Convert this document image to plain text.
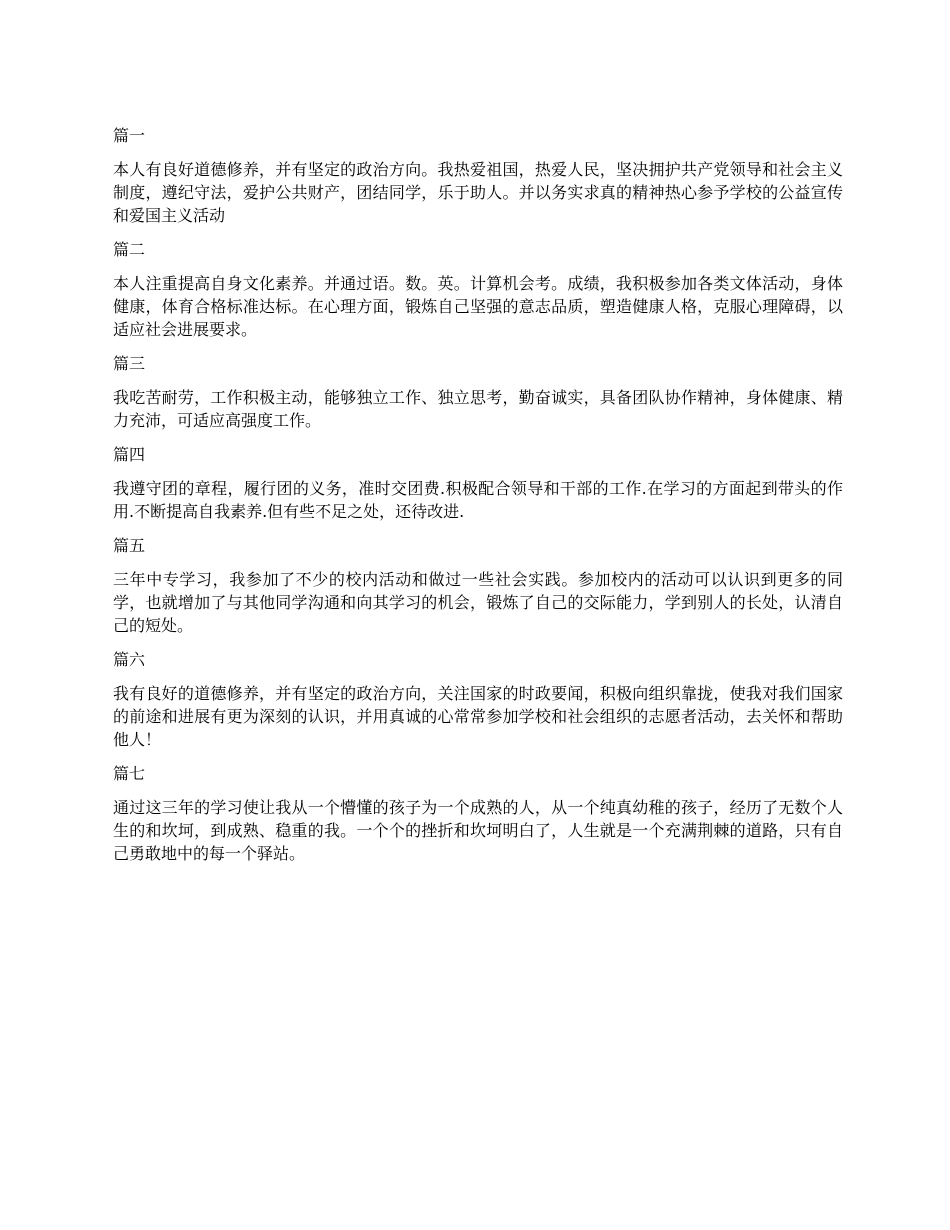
篇一

本人有良好道德修养，并有坚定的政治方向。我热爱祖国，热爱人民，坚决拥护共产党领导和社会主义制度，遵纪守法，爱护公共财产，团结同学，乐于助人。并以务实求真的精神热心参予学校的公益宣传和爱国主义活动

篇二

本人注重提高自身文化素养。并通过语。数。英。计算机会考。成绩，我积极参加各类文体活动，身体健康，体育合格标准达标。在心理方面，锻炼自己坚强的意志品质，塑造健康人格，克服心理障碍，以适应社会进展要求。

篇三

我吃苦耐劳，工作积极主动，能够独立工作、独立思考，勤奋诚实，具备团队协作精神，身体健康、精力充沛，可适应高强度工作。

篇四

我遵守团的章程，履行团的义务，准时交团费.积极配合领导和干部的工作.在学习的方面起到带头的作用.不断提高自我素养.但有些不足之处，还待改进.

篇五

三年中专学习，我参加了不少的校内活动和做过一些社会实践。参加校内的活动可以认识到更多的同学，也就增加了与其他同学沟通和向其学习的机会，锻炼了自己的交际能力，学到别人的长处，认清自己的短处。

篇六

我有良好的道德修养，并有坚定的政治方向，关注国家的时政要闻，积极向组织靠拢，使我对我们国家的前途和进展有更为深刻的认识，并用真诚的心常常参加学校和社会组织的志愿者活动，去关怀和帮助他人！

篇七

通过这三年的学习使让我从一个懵懂的孩子为一个成熟的人，从一个纯真幼稚的孩子，经历了无数个人生的和坎坷，到成熟、稳重的我。一个个的挫折和坎坷明白了，人生就是一个充满荆棘的道路，只有自己勇敢地中的每一个驿站。
